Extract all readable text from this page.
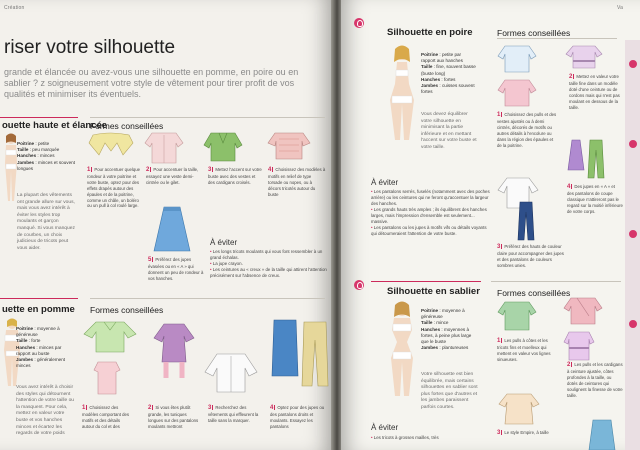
Création
riser votre silhouette

grande et élancée ou avez-vous une silhouette en pomme, en poire ou en sablier ? z soigneusement votre style de vêtement pour tirer profit de vos qualités et minimiser its éventuels.

ouette haute et élancée
Formes conseillées
Poitrine : petite
Taille : peu marquée
Hanches : minces
Jambes : minces et souvent longues

La plupart des vêtements ont grande allure sur vous, mais vous avez intérêt à éviter les styles trop moulants et garçon manqué. Si vous manquez de courbes, un choix judicieux de tricots peut vous aider.

1 Pour accentuer quelque rondeur à votre poitrine et votre buste, optez pour des effets drapés autour des épaules et de la poitrine, comme un châle, un boléro ou un pull à col roulé large.
2 Pour accentuer la taille, essayez une veste demi-cintrée ou le gilet.
3 Mettez l'accent sur votre buste avec des vestes et des cardigans croisés.
4 Choisissez des modèles à motifs en relief de type torsade ou nopes, ou à décors tricotés autour du buste
5 Préférez des jupes évasées ou en « A » qui donnent un peu de rondeur à vos hanches.
À éviter
• Les longs tricots moulants qui vous font ressembler à un grand échalas.
• La jupe crayon.
• Les ceintures au « creux » de la taille qui attirent l'attention précisément sur l'absence de creux.
uette en pomme Formes conseillées
Poitrine : moyenne à généreuse
Taille : forte
Hanches : minces par rapport au buste
Jambes : généralement minces

Vous avez intérêt à choisir des styles qui détournent l'attention de votre taille ou la masquent. Pour cela, mettez en valeur votre buste et vos hanches minces et écartez les regards de votre poids

1 Choisissez des modèles comportant des motifs et des détails autour du col et des
2 Si vous êtes plutôt grande, les tuniques longues sur des pantalons moulants mettront
3 Recherchez des vêtements qui effleurent la taille sans la marquer.
4 Optez pour des jupes ou des pantalons droits et moulants. Essayez les pantalons
Va
Silhouette en poire	Formes conseillées
Poitrine : petite par rapport aux hanches
Taille : fine, souvent basse (buste long)
Hanches : fortes
Jambes : cuisses souvent fortes

Vous devez équilibrer votre silhouette en minimisant la partie inférieure et en mettant l'accent sur votre buste et votre taille.

1 Choisissez des pulls et des vestes ajustés ou à demi cintrés, décorés de motifs ou autres détails à l'encolure ou dans la région des épaules et de la poitrine.
2 Mettez en valeur votre taille fine dans un modèle doté d'une ceinture ou de cordons mais qui n'est pas moulant en dessous de la taille.
4 Des jupes en « A » et des pantalons de coupe classique n'attireront pas le regard sur la moitié inférieure de votre corps.
3 Préférez des hauts de couleur claire pour accompagner des jupes et des pantalons de couleurs sombres unies.
À éviter
• Les pantalons serrés, fuselés (notamment avec des poches arrière) ou les ceintures qui ne feront qu'accentuer la largeur des hanches.
• Les grands hauts très amples ; ils équilibrent des hanches larges, mais l'impression d'ensemble est seulement... massive.
• Les pantalons ou les jupes à motifs vifs ou détails voyants qui détourneraient l'attention de votre buste.
Silhouette en sablier Formes conseillées
Poitrine : moyenne à généreuse
Taille : mince
Hanches : moyennes à fortes, à peine plus large que le buste
Jambes : plantureuses

Votre silhouette est bien équilibrée, mais certains silhouettes en sablier sont plus fortes que d'autres et les jambes paraissent parfois courtes.

1 Les pulls à côtes et les tricots fins et moelleux qui mettent en valeur vos lignes sinueuses.
2 Les pulls et les cardigans à ceinture ajustée, côtes profondes à la taille, ou dotés de ceintures qui soulignent la finesse de votre taille.
3 Le style Empire, à taille
À éviter
• Les tricots à grosses mailles, très
